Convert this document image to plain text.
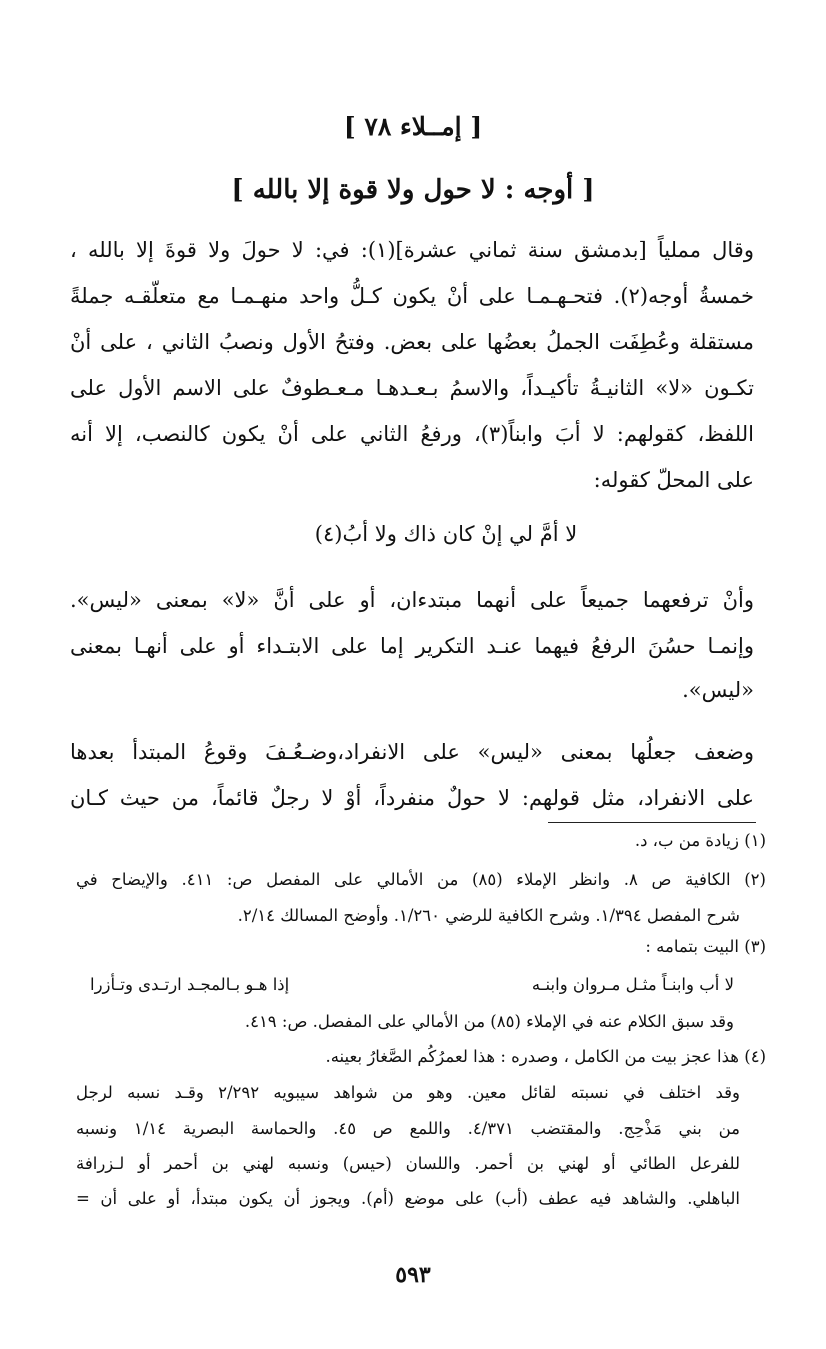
[ إمــلاء ٧٨ ]
[ أوجه : لا حول ولا قوة إلا بالله ]
وقال مملياً [بدمشق سنة ثماني عشرة](١): في: لا حولَ ولا قوةَ إلا بالله ،
خمسةُ أوجه(٢). فتحـهـمـا على أنْ يكون كـلُّ واحد منهـمـا مع متعلّقـه جملةً
مستقلة وعُطِفَت الجملُ بعضُها على بعض. وفتحُ الأول ونصبُ الثاني ، على أنْ
تكـون «لا» الثانيـةُ تأكيـداً، والاسمُ بـعـدهـا مـعـطوفٌ على الاسم الأول على
اللفظ، كقولهم: لا أبَ وابناً(٣)، ورفعُ الثاني على أنْ يكون كالنصب، إلا أنه
على المحلّ كقوله:
لا أمَّ لي إنْ كان ذاك ولا أبُ(٤)
وأنْ ترفعهما جميعاً على أنهما مبتدءان، أو على أنَّ «لا» بمعنى «ليس».
وإنمـا حسُنَ الرفعُ فيهما عنـد التكرير إما على الابتـداء أو على أنهـا بمعنى
«ليس».
وضعف جعلُها بمعنى «ليس» على الانفراد،وضـعُـفَ وقوعُ المبتدأ بعدها
على الانفراد، مثل قولهم: لا حولٌ منفرداً، أوْ لا رجلٌ قائماً، من حيث كـان
(١) زيادة من ب، د.
(٢) الكافية ص ٨. وانظر الإملاء (٨٥) من الأمالي على المفصل ص: ٤١١. والإيضاح في
شرح المفصل ١/٣٩٤. وشرح الكافية للرضي ١/٢٦٠. وأوضح المسالك ٢/١٤.
(٣) البيت بتمامه :
لا أب وابنـاً مثـل مـروان وابنـه
إذا هـو بـالمجـد ارتـدى وتـأزرا
وقد سبق الكلام عنه في الإملاء (٨٥) من الأمالي على المفصل. ص: ٤١٩.
(٤) هذا عجز بيت من الكامل ، وصدره : هذا لعمرُكُم الصَّغارُ بعينه.
وقد اختلف في نسبته لقائل معين. وهو من شواهد سيبويه ٢/٢٩٢ وقـد نسبه لرجل
من بني مَذْحِج. والمقتضب ٤/٣٧١. واللمع ص ٤٥. والحماسة البصرية ١/١٤ ونسبه
للفرعل الطائي أو لهني بن أحمر. واللسان (حيس) ونسبه لهني بن أحمر أو لـزرافة
الباهلي. والشاهد فيه عطف (أب) على موضع (أم). ويجوز أن يكون مبتدأ، أو على أن =
٥٩٣
